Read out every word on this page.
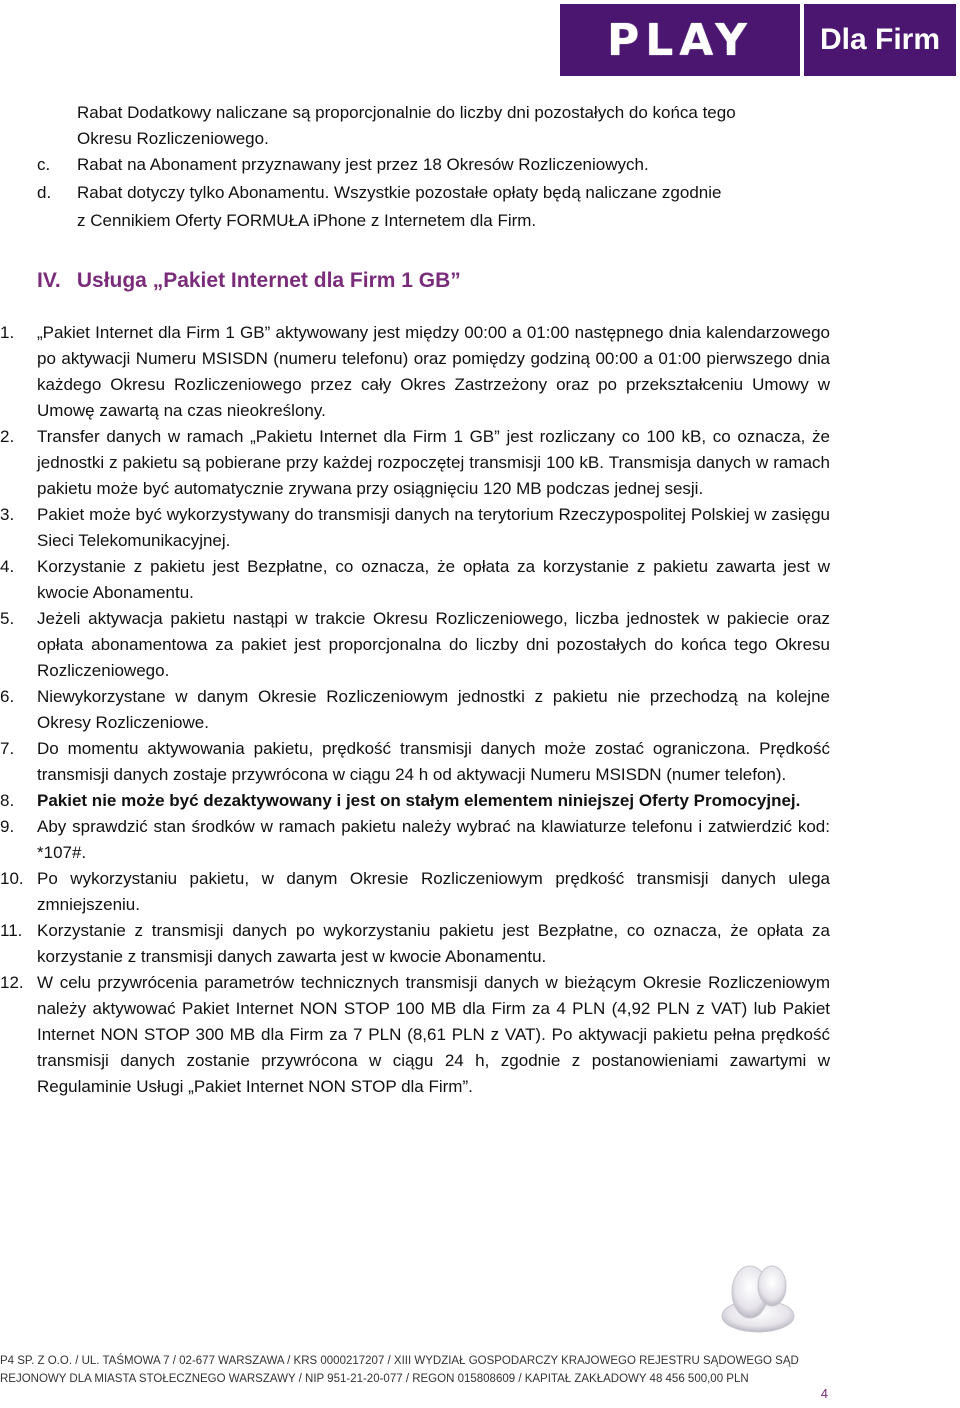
PLAY Dla Firm
Rabat Dodatkowy naliczane są proporcjonalnie do liczby dni pozostałych do końca tego
Okresu Rozliczeniowego.
c. Rabat na Abonament przyznawany jest przez 18 Okresów Rozliczeniowych.
d. Rabat dotyczy tylko Abonamentu. Wszystkie pozostałe opłaty będą naliczane zgodnie
z Cennikiem Oferty FORMUŁA iPhone z Internetem dla Firm.
IV. Usługa „Pakiet Internet dla Firm 1 GB”
1.	„Pakiet Internet dla Firm 1 GB” aktywowany jest między 00:00 a 01:00 następnego dnia kalendarzowego po aktywacji Numeru MSISDN (numeru telefonu) oraz pomiędzy godziną 00:00 a 01:00 pierwszego dnia każdego Okresu Rozliczeniowego przez cały Okres Zastrzeżony oraz po przekształceniu Umowy w Umowę zawartą na czas nieokreślony.
2.	Transfer danych w ramach „Pakietu Internet dla Firm 1 GB” jest rozliczany co 100 kB, co oznacza, że jednostki z pakietu są pobierane przy każdej rozpoczętej transmisji 100 kB. Transmisja danych w ramach pakietu może być automatycznie zrywana przy osiągnięciu 120 MB podczas jednej sesji.
3.	Pakiet może być wykorzystywany do transmisji danych na terytorium Rzeczypospolitej Polskiej w zasięgu Sieci Telekomunikacyjnej.
4.	Korzystanie z pakietu jest Bezpłatne, co oznacza, że opłata za korzystanie z pakietu zawarta jest w kwocie Abonamentu.
5.	Jeżeli aktywacja pakietu nastąpi w trakcie Okresu Rozliczeniowego, liczba jednostek w pakiecie oraz opłata abonamentowa za pakiet jest proporcjonalna do liczby dni pozostałych do końca tego Okresu Rozliczeniowego.
6.	Niewykorzystane w danym Okresie Rozliczeniowym jednostki z pakietu nie przechodzą na kolejne Okresy Rozliczeniowe.
7.	Do momentu aktywowania pakietu, prędkość transmisji danych może zostać ograniczona. Prędkość transmisji danych zostaje przywrócona w ciągu 24 h od aktywacji Numeru MSISDN (numer telefon).
8.	Pakiet nie może być dezaktywowany i jest on stałym elementem niniejszej Oferty Promocyjnej.
9.	Aby sprawdzić stan środków w ramach pakietu należy wybrać na klawiaturze telefonu i zatwierdzić kod: *107#.
10. Po wykorzystaniu pakietu, w danym Okresie Rozliczeniowym prędkość transmisji danych ulega zmniejszeniu.
11. Korzystanie z transmisji danych po wykorzystaniu pakietu jest Bezpłatne, co oznacza, że opłata za korzystanie z transmisji danych zawarta jest w kwocie Abonamentu.
12. W celu przywrócenia parametrów technicznych transmisji danych w bieżącym Okresie Rozliczeniowym należy aktywować Pakiet Internet NON STOP 100 MB dla Firm za 4 PLN (4,92 PLN z VAT) lub Pakiet Internet NON STOP 300 MB dla Firm za 7 PLN (8,61 PLN z VAT). Po aktywacji pakietu pełna prędkość transmisji danych zostanie przywrócona w ciągu 24 h, zgodnie z postanowieniami zawartymi w Regulaminie Usługi „Pakiet Internet NON STOP dla Firm”.
P4 SP. Z O.O. / UL. TAŚMOWA 7 / 02-677 WARSZAWA / KRS 0000217207 / XIII WYDZIAŁ GOSPODARCZY KRAJOWEGO REJESTRU SĄDOWEGO SĄD
REJONOWY DLA MIASTA STOŁECZNEGO WARSZAWY / NIP 951-21-20-077 / REGON 015808609 / KAPITAŁ ZAKŁADOWY 48 456 500,00 PLN
4
